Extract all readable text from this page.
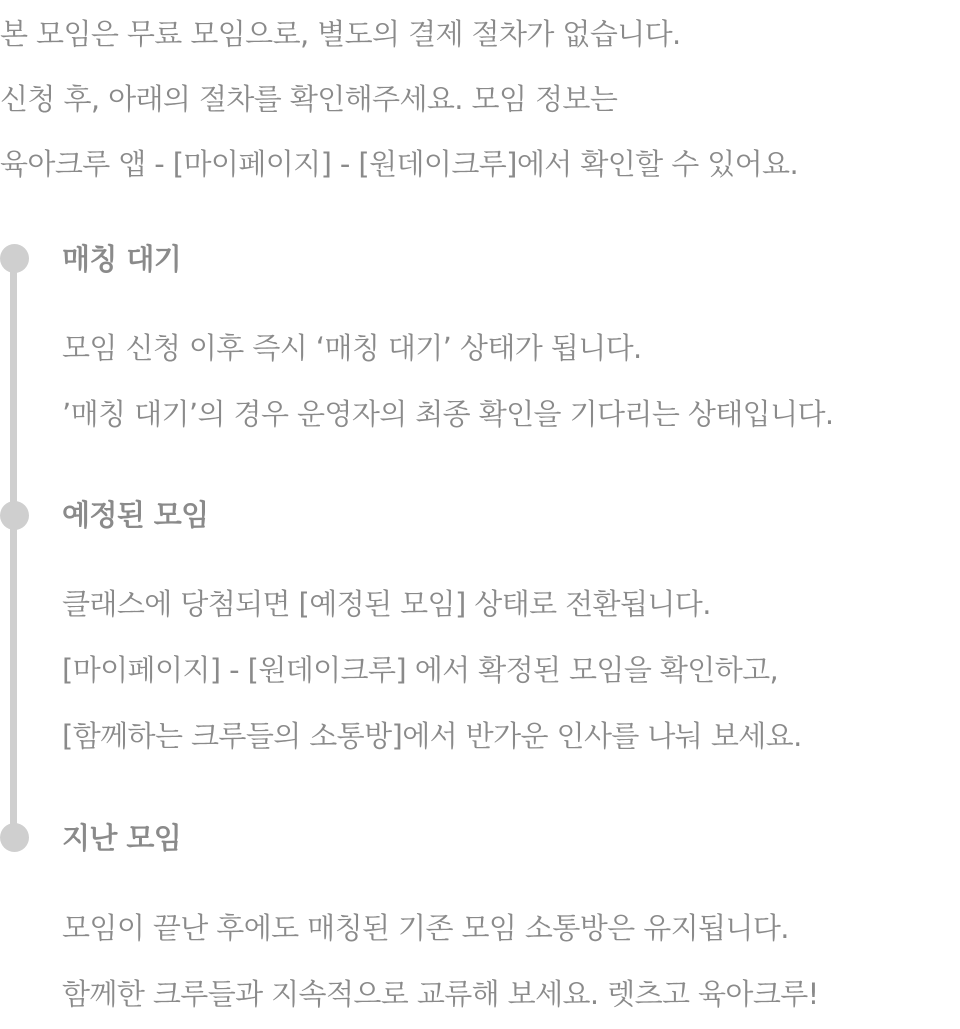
본 모임은 무료 모임으로, 별도의 결제 절차가 없습니다.
신청 후, 아래의 절차를 확인해주세요. 모임 정보는
육아크루 앱 - [마이페이지] - [원데이크루]에서 확인할 수 있어요.
매칭 대기
모임 신청 이후 즉시 ‘매칭 대기’ 상태가 됩니다.
’매칭 대기’의 경우 운영자의 최종 확인을 기다리는 상태입니다.
예정된 모임
클래스에 당첨되면 [예정된 모임] 상태로 전환됩니다.
[마이페이지] - [원데이크루] 에서 확정된 모임을 확인하고,
[함께하는 크루들의 소통방]에서 반가운 인사를 나눠 보세요.
지난 모임
모임이 끝난 후에도 매칭된 기존 모임 소통방은 유지됩니다.
함께한 크루들과 지속적으로 교류해 보세요. 렛츠고 육아크루!
